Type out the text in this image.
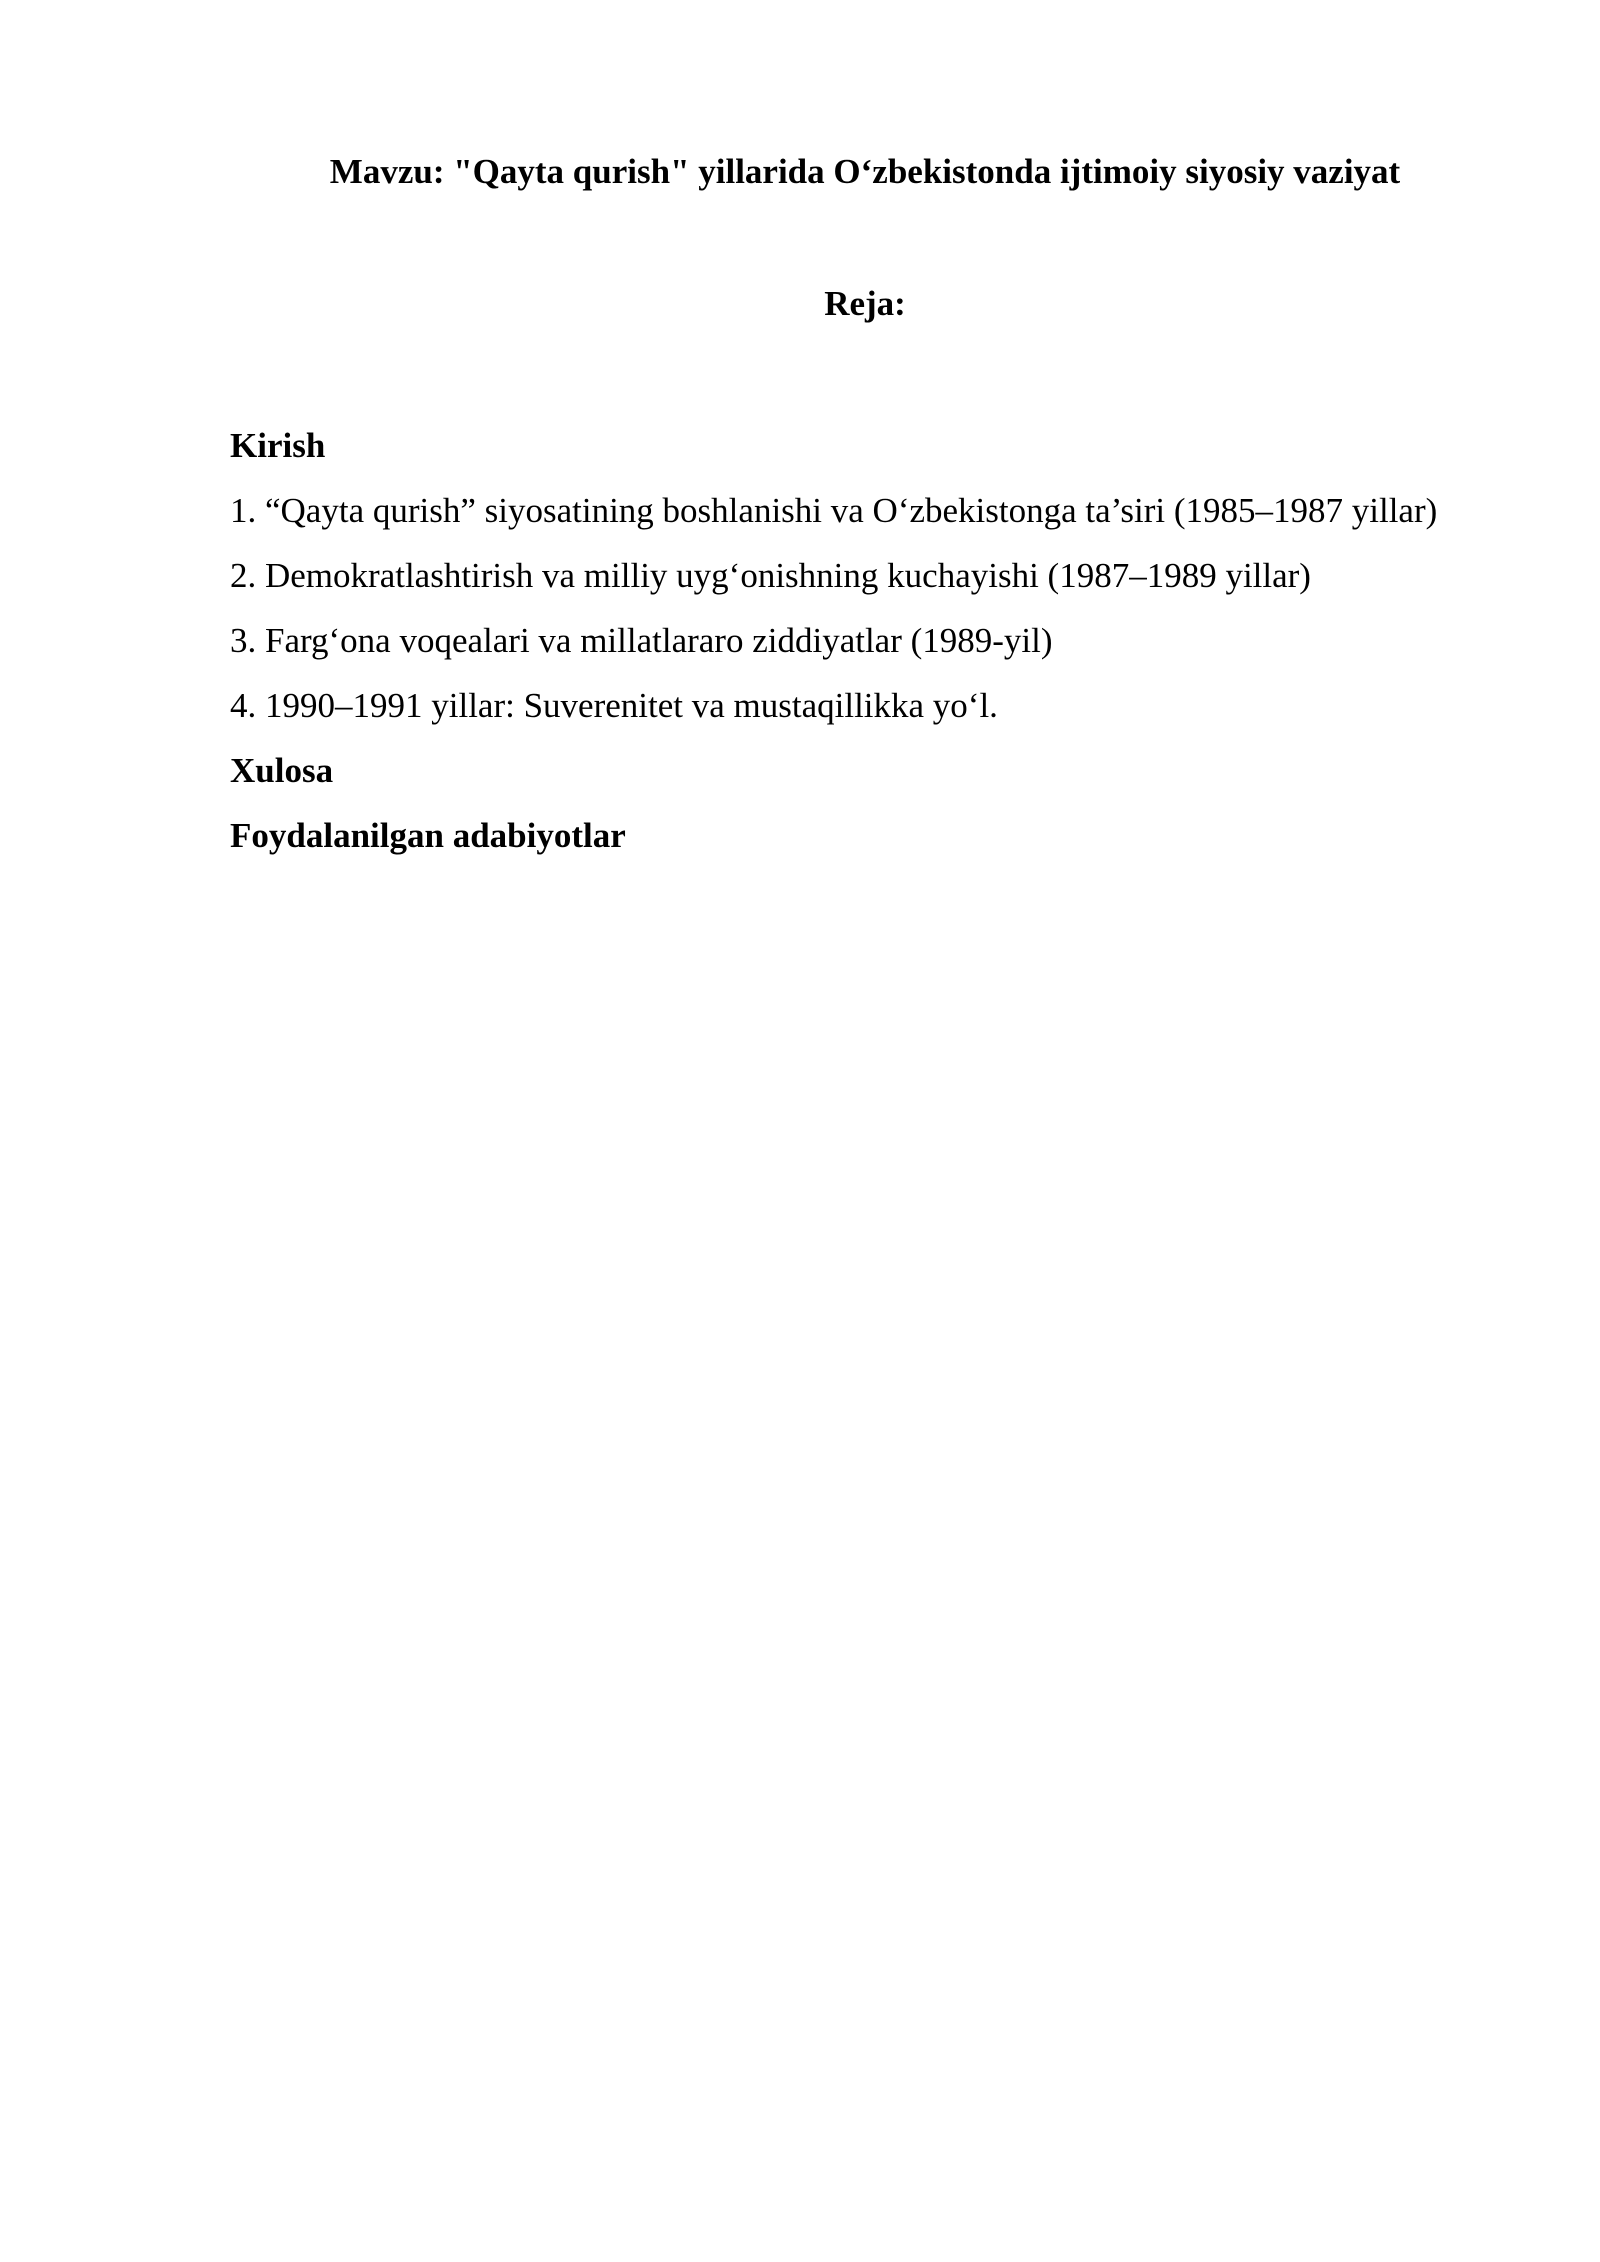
Mavzu: "Qayta qurish" yillarida O‘zbekistonda ijtimoiy siyosiy vaziyat
Reja:

Kirish

1. “Qayta qurish” siyosatining boshlanishi va O‘zbekistonga ta’siri (1985–1987 yillar)

2. Demokratlashtirish va milliy uyg‘onishning kuchayishi (1987–1989 yillar)

3. Farg‘ona voqealari va millatlararo ziddiyatlar (1989-yil)

4. 1990–1991 yillar: Suverenitet va mustaqillikka yo‘l.

Xulosa

Foydalanilgan adabiyotlar
